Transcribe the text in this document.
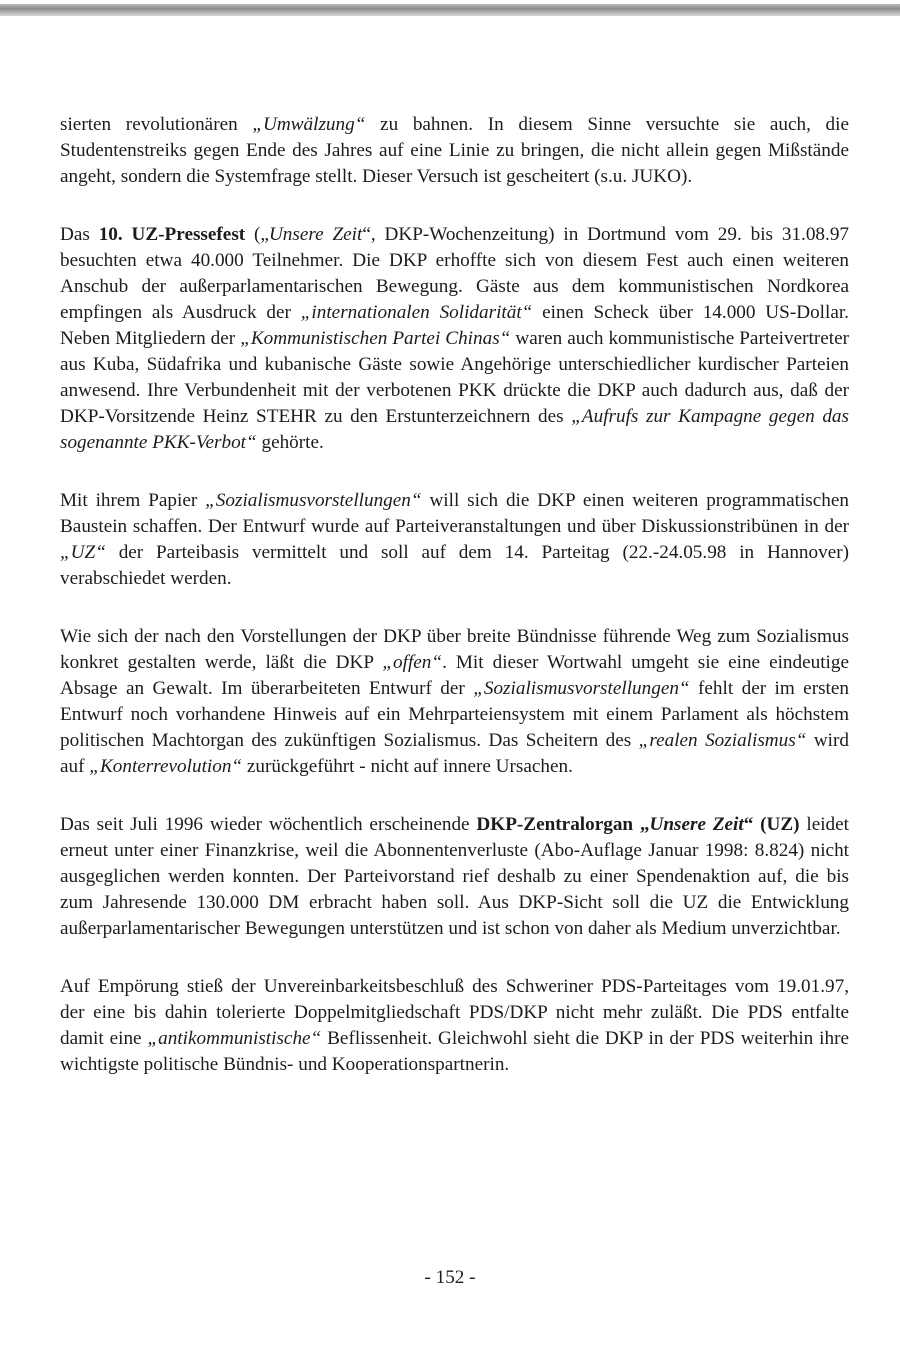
sierten revolutionären „Umwälzung“ zu bahnen. In diesem Sinne versuchte sie auch, die Studentenstreiks gegen Ende des Jahres auf eine Linie zu bringen, die nicht allein gegen Mißstände angeht, sondern die Systemfrage stellt. Dieser Versuch ist gescheitert (s.u. JUKO).

Das 10. UZ-Pressefest („Unsere Zeit“, DKP-Wochenzeitung) in Dortmund vom 29. bis 31.08.97 besuchten etwa 40.000 Teilnehmer. Die DKP erhoffte sich von diesem Fest auch einen weiteren Anschub der außerparlamentarischen Bewegung. Gäste aus dem kommunistischen Nordkorea empfingen als Ausdruck der „internationalen Solidarität“ einen Scheck über 14.000 US-Dollar. Neben Mitgliedern der „Kommunistischen Partei Chinas“ waren auch kommunistische Parteivertreter aus Kuba, Südafrika und kubanische Gäste sowie Angehörige unterschiedlicher kurdischer Parteien anwesend. Ihre Verbundenheit mit der verbotenen PKK drückte die DKP auch dadurch aus, daß der DKP-Vorsitzende Heinz STEHR zu den Erstunterzeichnern des „Aufrufs zur Kampagne gegen das sogenannte PKK-Verbot“ gehörte.

Mit ihrem Papier „Sozialismusvorstellungen“ will sich die DKP einen weiteren programmatischen Baustein schaffen. Der Entwurf wurde auf Parteiveranstaltungen und über Diskussionstribünen in der „UZ“ der Parteibasis vermittelt und soll auf dem 14. Parteitag (22.-24.05.98 in Hannover) verabschiedet werden.

Wie sich der nach den Vorstellungen der DKP über breite Bündnisse führende Weg zum Sozialismus konkret gestalten werde, läßt die DKP „offen“. Mit dieser Wortwahl umgeht sie eine eindeutige Absage an Gewalt. Im überarbeiteten Entwurf der „Sozialismusvorstellungen“ fehlt der im ersten Entwurf noch vorhandene Hinweis auf ein Mehrparteiensystem mit einem Parlament als höchstem politischen Machtorgan des zukünftigen Sozialismus. Das Scheitern des „realen Sozialismus“ wird auf „Konterrevolution“ zurückgeführt - nicht auf innere Ursachen.

Das seit Juli 1996 wieder wöchentlich erscheinende DKP-Zentralorgan „Unsere Zeit“ (UZ) leidet erneut unter einer Finanzkrise, weil die Abonnentenverluste (Abo-Auflage Januar 1998: 8.824) nicht ausgeglichen werden konnten. Der Parteivorstand rief deshalb zu einer Spendenaktion auf, die bis zum Jahresende 130.000 DM erbracht haben soll. Aus DKP-Sicht soll die UZ die Entwicklung außerparlamentarischer Bewegungen unterstützen und ist schon von daher als Medium unverzichtbar.

Auf Empörung stieß der Unvereinbarkeitsbeschluß des Schweriner PDS-Parteitages vom 19.01.97, der eine bis dahin tolerierte Doppelmitgliedschaft PDS/DKP nicht mehr zuläßt. Die PDS entfalte damit eine „antikommunistische“ Beflissenheit. Gleichwohl sieht die DKP in der PDS weiterhin ihre wichtigste politische Bündnis- und Kooperationspartnerin.

- 152 -
